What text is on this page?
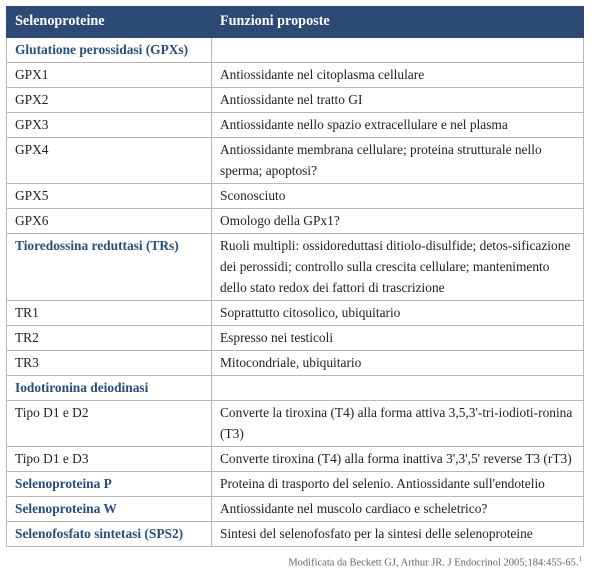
Selenoproteine	Funzioni proposte
Glutatione perossidasi (GPXs)	
GPX1	Antiossidante nel citoplasma cellulare
GPX2	Antiossidante nel tratto GI
GPX3	Antiossidante nello spazio extracellulare e nel plasma
GPX4	Antiossidante membrana cellulare; proteina strutturale nello sperma; apoptosi?
GPX5	Sconosciuto
GPX6	Omologo della GPx1?
Tioredossina reduttasi (TRs)	Ruoli multipli: ossidoreduttasi ditiolo-disulfide; detos-sificazione dei perossidi; controllo sulla crescita cellulare; mantenimento dello stato redox dei fattori di trascrizione
TR1	Soprattutto citosolico, ubiquitario
TR2	Espresso nei testicoli
TR3	Mitocondriale, ubiquitario
Iodotironina deiodinasi	
Tipo D1 e D2	Converte la tiroxina (T4) alla forma attiva 3,5,3'-tri-iodioti-ronina (T3)
Tipo D1 e D3	Converte tiroxina (T4) alla forma inattiva 3',3',5' reverse T3 (rT3)
Selenoproteina P	Proteina di trasporto del selenio. Antiossidante sull'endotelio
Selenoproteina W	Antiossidante nel muscolo cardiaco e scheletrico?
Selenofosfato sintetasi (SPS2)	Sintesi del selenofosfato per la sintesi delle selenoproteine
Modificata da Beckett GJ, Arthur JR. J Endocrinol 2005;184:455-65.$^1$
